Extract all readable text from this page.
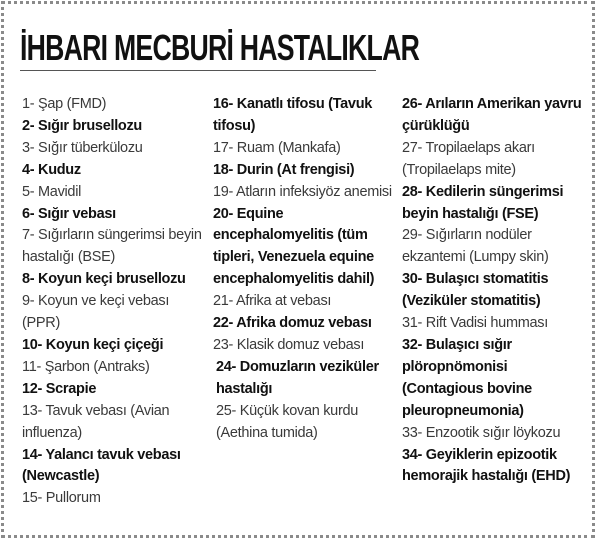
İHBARI MECBURİ HASTALIKLAR
1- Şap (FMD)
2- Sığır brusellozu
3- Sığır tüberkülozu
4- Kuduz
5- Mavidil
6- Sığır vebası
7- Sığırların süngerimsi beyin hastalığı (BSE)
8- Koyun keçi brusellozu
9- Koyun ve keçi vebası (PPR)
10- Koyun keçi çiçeği
11- Şarbon (Antraks)
12- Scrapie
13- Tavuk vebası (Avian influenza)
14- Yalancı tavuk vebası (Newcastle)
15- Pullorum
16- Kanatlı tifosu (Tavuk tifosu)
17- Ruam (Mankafa)
18- Durin (At frengisi)
19- Atların infeksiyöz anemisi
20- Equine encephalomyelitis (tüm tipleri, Venezuela equine encephalomyelitis dahil)
21- Afrika at vebası
22- Afrika domuz vebası
23- Klasik domuz vebası
24- Domuzların veziküler hastalığı
25- Küçük kovan kurdu (Aethina tumida)
26- Arıların Amerikan yavru çürüklüğü
27- Tropilaelaps akarı (Tropilaelaps mite)
28- Kedilerin süngerimsi beyin hastalığı (FSE)
29- Sığırların nodüler ekzantemi (Lumpy skin)
30- Bulaşıcı stomatitis (Veziküler stomatitis)
31- Rift Vadisi humması
32- Bulaşıcı sığır plöropnömonisi (Contagious bovine pleuropneumonia)
33- Enzootik sığır löykozu
34- Geyiklerin epizootik hemorajik hastalığı (EHD)
